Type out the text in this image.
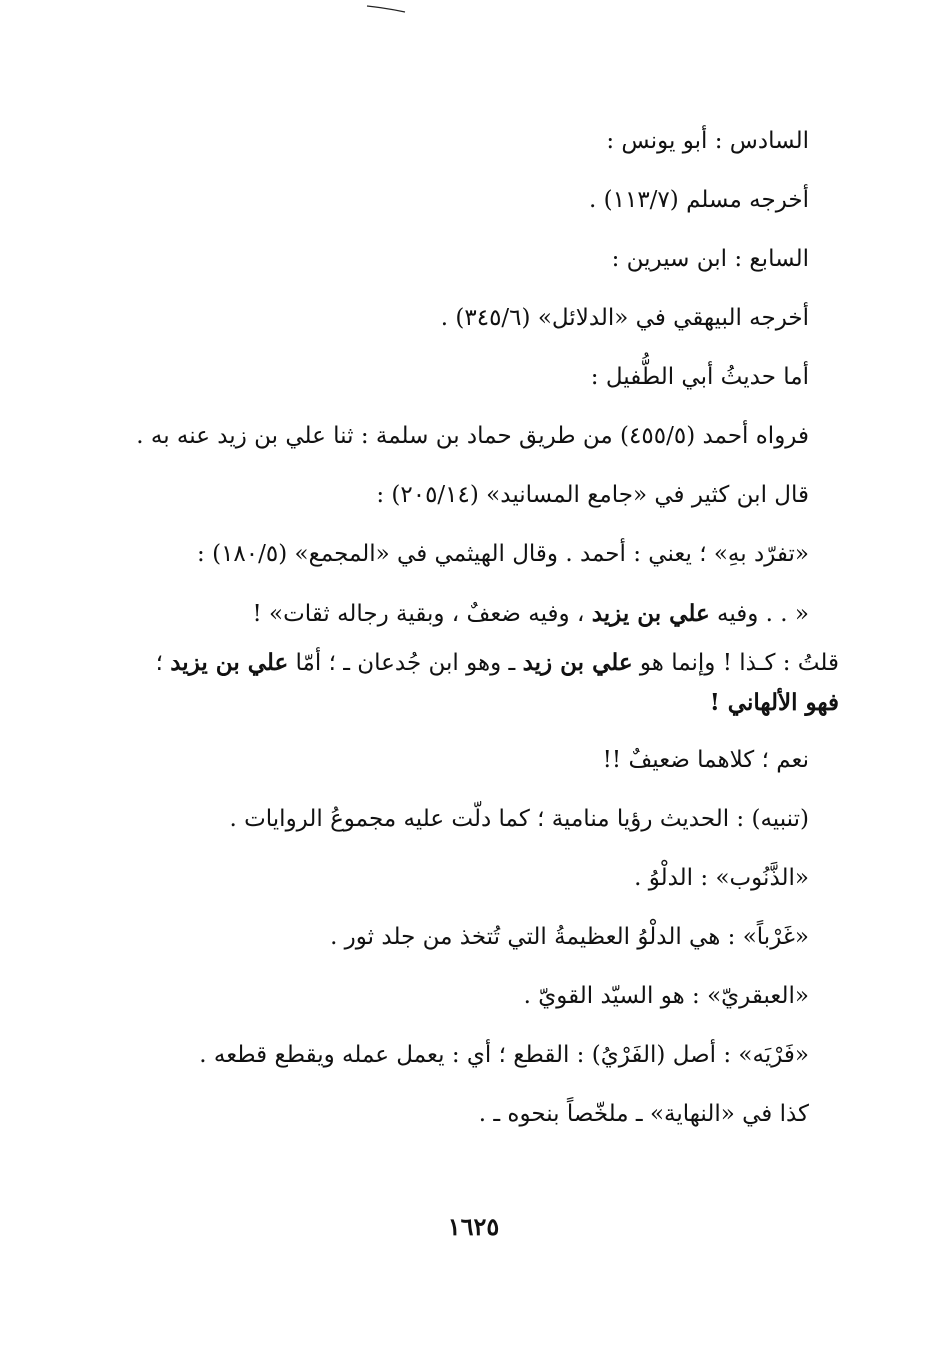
السادس : أبو يونس :
أخرجه مسلم (١١٣/٧) .
السابع : ابن سيرين :
أخرجه البيهقي في «الدلائل» (٣٤٥/٦) .
أما حديثُ أبي الطُّفيل :
فرواه أحمد (٤٥٥/٥) من طريق حماد بن سلمة : ثنا علي بن زيد عنه به .
قال ابن كثير في «جامع المسانيد» (٢٠٥/١٤) :
«تفرّد بهِ» ؛ يعني : أحمد . وقال الهيثمي في «المجمع» (١٨٠/٥) :
« . . وفيه علي بن يزيد ، وفيه ضعفٌ ، وبقية رجاله ثقات» !
قلتُ : كـذا ! وإنما هو علي بن زيد ـ وهو ابن جُدعان ـ ؛ أمّا علي بن يزيد ؛
فهو الألهاني !
نعم ؛ كلاهما ضعيفٌ !!
(تنبيه) : الحديث رؤيا منامية ؛ كما دلّت عليه مجموعُ الروايات .
«الذَّنُوب» : الدلْوُ .
«غَرْباً» : هي الدلْوُ العظيمةُ التي تُتخذ من جلد ثور .
«العبقريّ» : هو السيّد القويّ .
«فَرْيَه» : أصل (الفَرْيُ) : القطع ؛ أي : يعمل عمله ويقطع قطعه .
كذا في «النهاية» ـ ملخّصاً بنحوه ـ .
١٦٢٥
